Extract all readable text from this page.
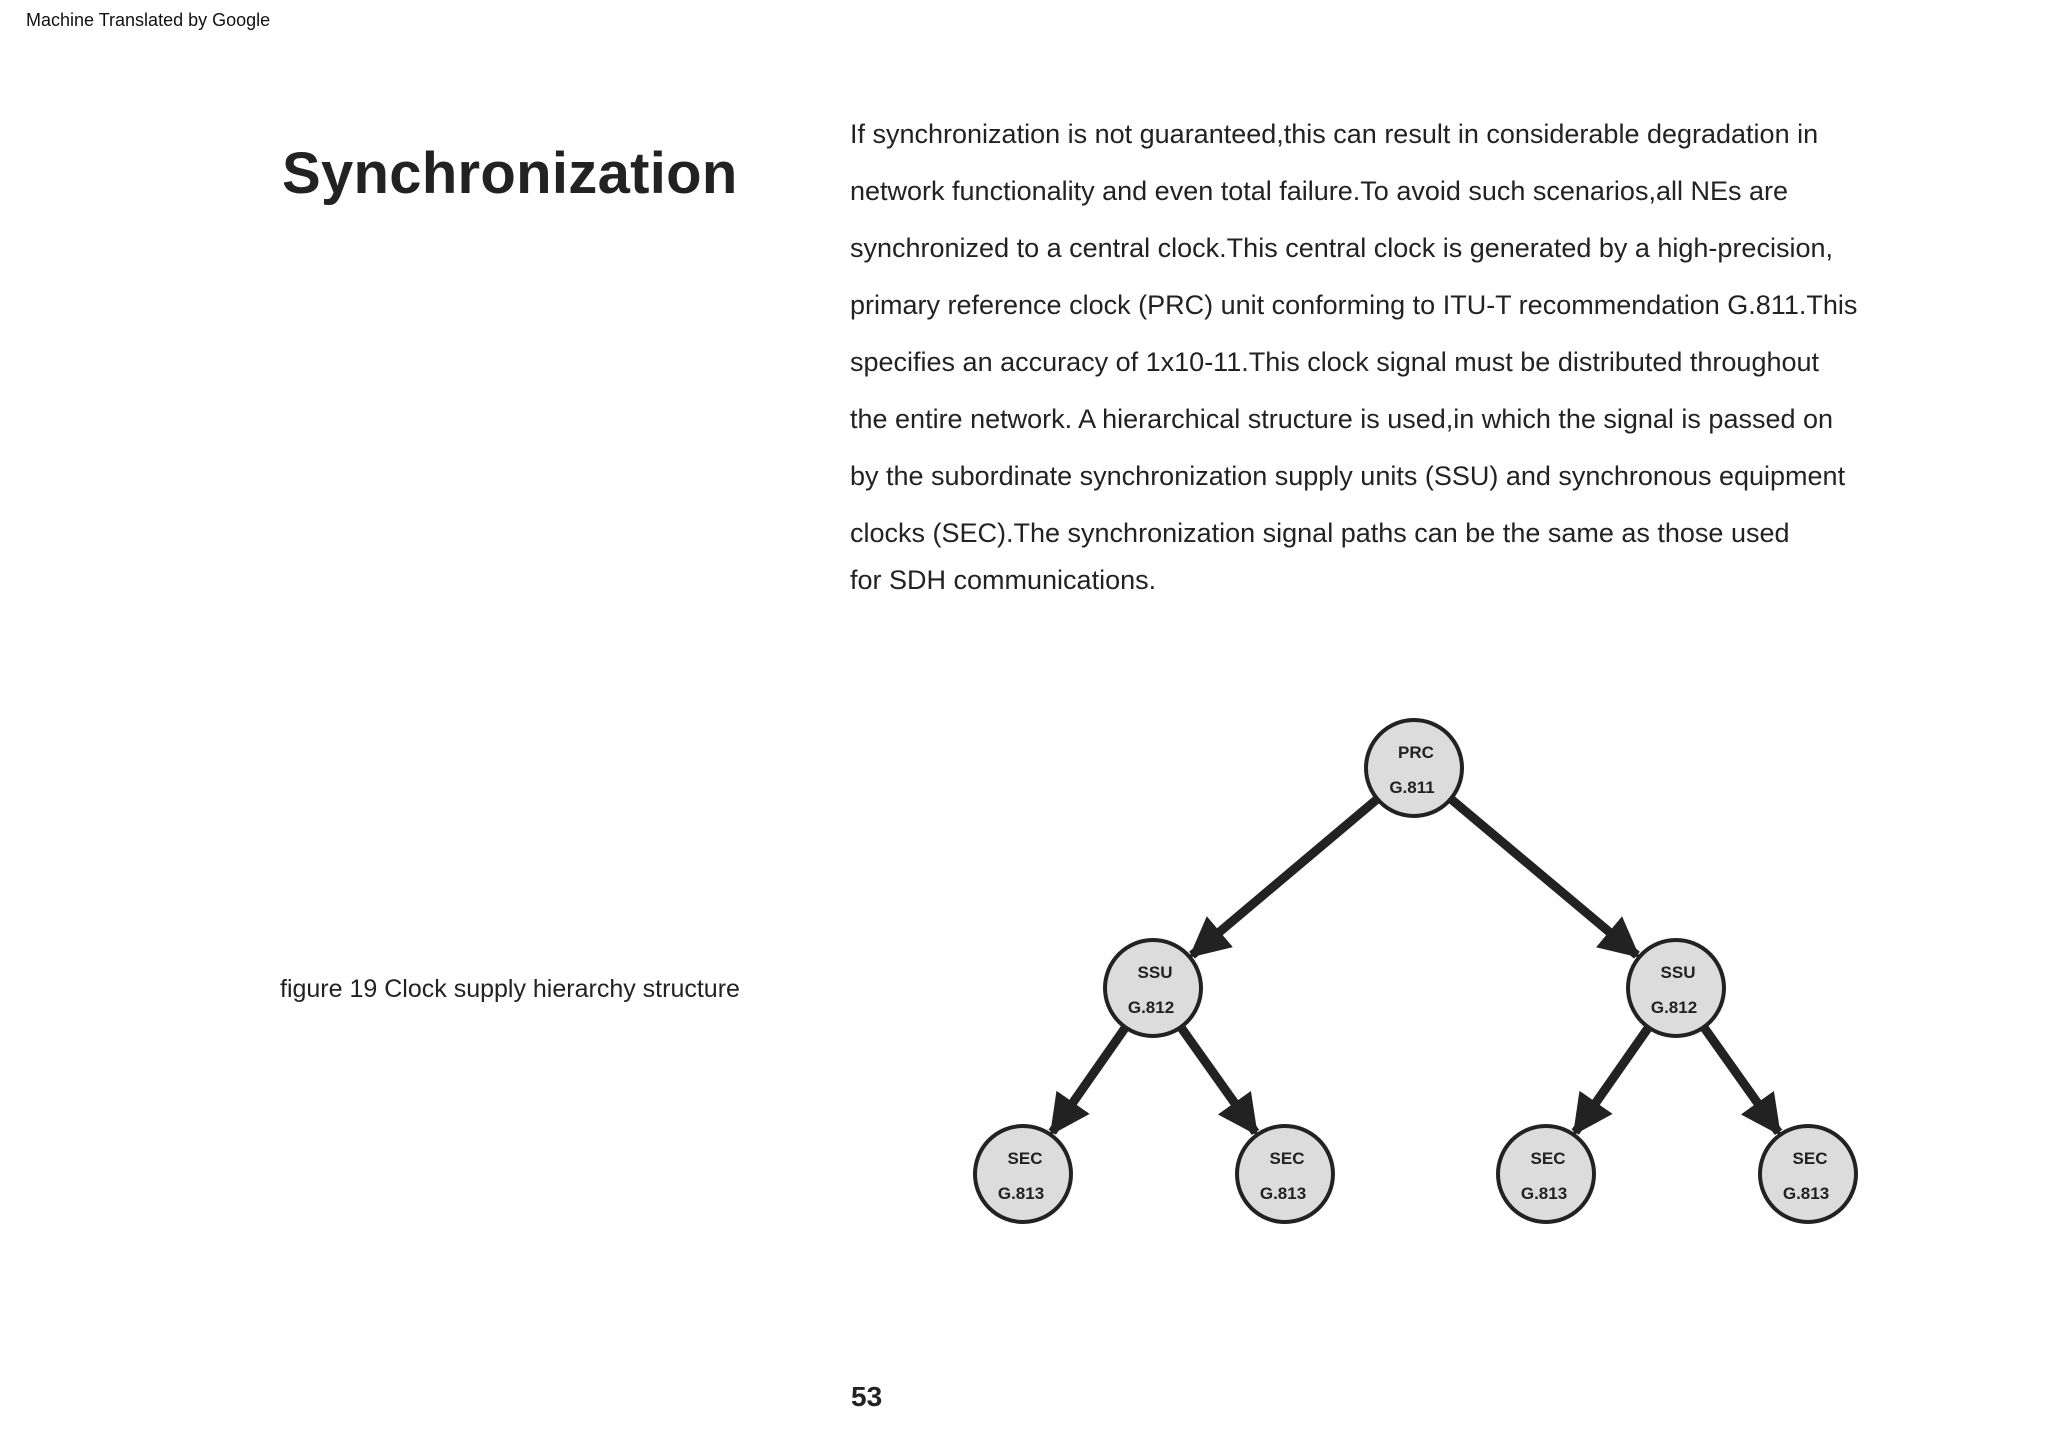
Machine Translated by Google
Synchronization
If synchronization is not guaranteed,this can result in considerable degradation in
network functionality and even total failure.To avoid such scenarios,all NEs are
synchronized to a central clock.This central clock is generated by a high-precision,
primary reference clock (PRC) unit conforming to ITU-T recommendation G.811.This
specifies an accuracy of 1x10-11.This clock signal must be distributed throughout
the entire network. A hierarchical structure is used,in which the signal is passed on
by the subordinate synchronization supply units (SSU) and synchronous equipment
clocks (SEC).The synchronization signal paths can be the same as those used
for SDH communications.
figure 19 Clock supply hierarchy structure
PRC
G.811
SSU
G.812
SSU
G.812
SEC
G.813
SEC
G.813
SEC
G.813
SEC
G.813
53
